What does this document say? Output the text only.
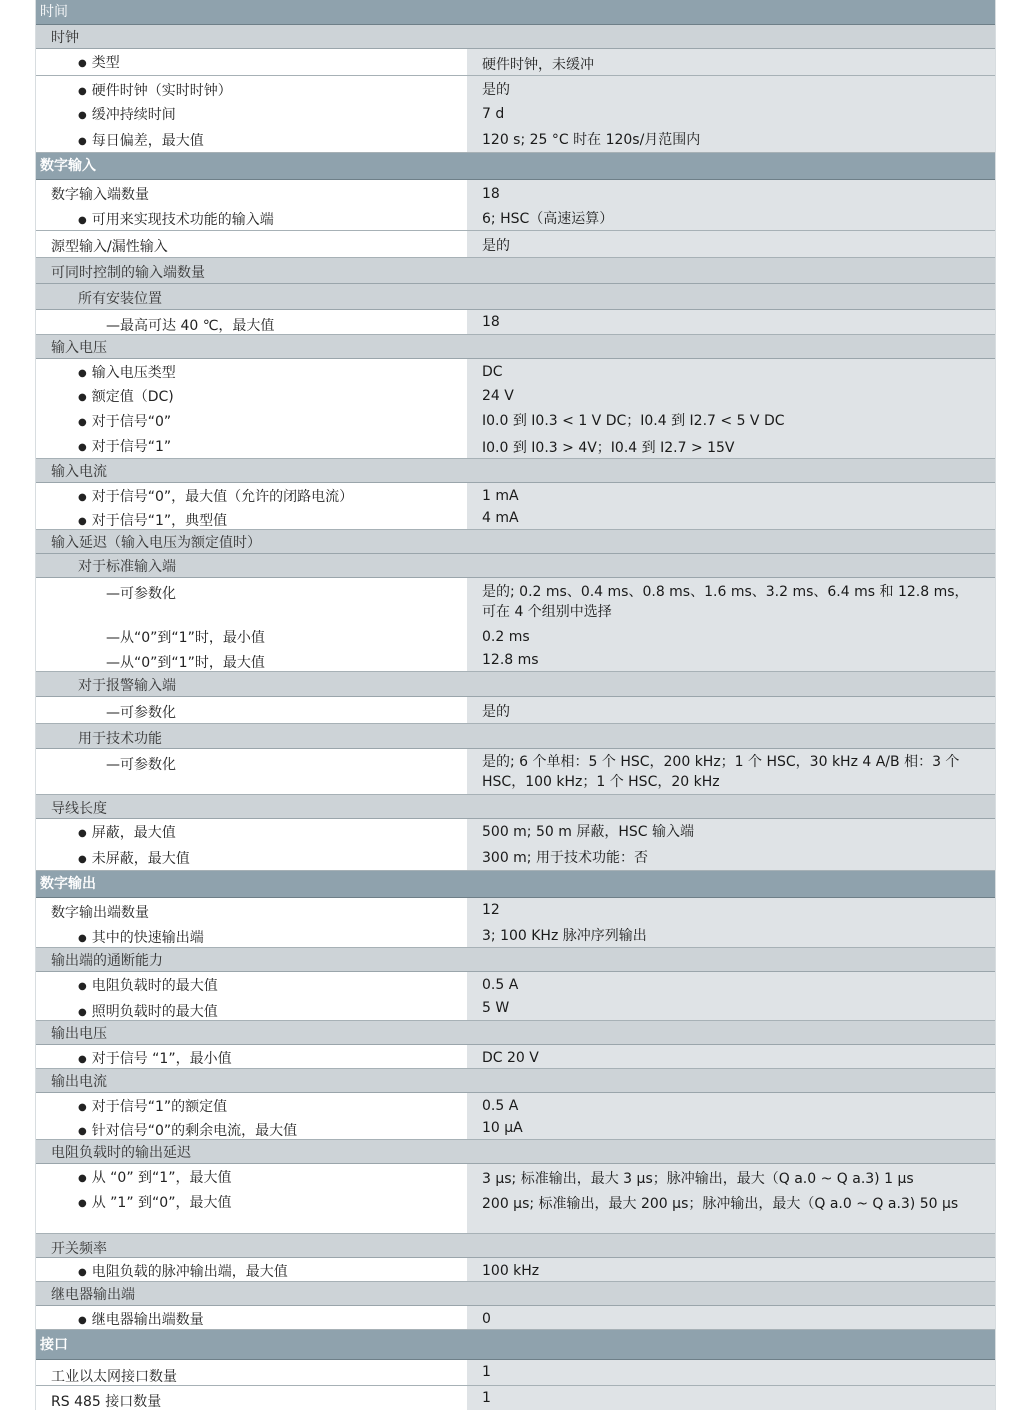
时间
时钟
● 类型	硬件时钟，未缓冲
● 硬件时钟（实时时钟）	是的
● 缓冲持续时间	7 d
● 每日偏差，最大值	120 s; 25 °C 时在 120s/月范围内
数字输入
数字输入端数量	18
● 可用来实现技术功能的输入端	6; HSC（高速运算）
源型输入/漏性输入	是的
可同时控制的输入端数量
所有安装位置
— 最高可达 40 ℃，最大值	18
输入电压
● 输入电压类型	DC
● 额定值（DC)	24 V
● 对于信号“0”	I0.0 到 I0.3 < 1 V DC；I0.4 到 I2.7 < 5 V DC
● 对于信号“1”	I0.0 到 I0.3 > 4V；I0.4 到 I2.7 > 15V
输入电流
● 对于信号“0”，最大值（允许的闭路电流）	1 mA
● 对于信号“1”，典型值	4 mA
输入延迟（输入电压为额定值时）
对于标准输入端
— 可参数化	是的; 0.2 ms、0.4 ms、0.8 ms、1.6 ms、3.2 ms、6.4 ms 和 12.8 ms，可在 4 个组别中选择
— 从“0”到“1”时，最小值	0.2 ms
— 从“0”到“1”时，最大值	12.8 ms
对于报警输入端
— 可参数化	是的
用于技术功能
— 可参数化	是的; 6 个单相：5 个 HSC，200 kHz；1 个 HSC，30 kHz 4 A/B 相：3 个 HSC，100 kHz；1 个 HSC，20 kHz
导线长度
● 屏蔽，最大值	500 m; 50 m 屏蔽，HSC 输入端
● 未屏蔽，最大值	300 m; 用于技术功能：否
数字输出
数字输出端数量	12
● 其中的快速输出端	3; 100 KHz 脉冲序列输出
输出端的通断能力
● 电阻负载时的最大值	0.5 A
● 照明负载时的最大值	5 W
输出电压
● 对于信号 “1”，最小值	DC 20 V
输出电流
● 对于信号“1”的额定值	0.5 A
● 针对信号“0”的剩余电流，最大值	10 μA
电阻负载时的输出延迟
● 从 “0” 到“1”，最大值	3 μs; 标准输出，最大 3 μs；脉冲输出，最大（Q a.0 ~ Q a.3) 1 μs
● 从 ”1” 到“0”，最大值	200 μs; 标准输出，最大 200 μs；脉冲输出，最大（Q a.0 ~ Q a.3) 50 μs
开关频率
● 电阻负载的脉冲输出端，最大值	100 kHz
继电器输出端
● 继电器输出端数量	0
接口
工业以太网接口数量	1
RS 485 接口数量	1
